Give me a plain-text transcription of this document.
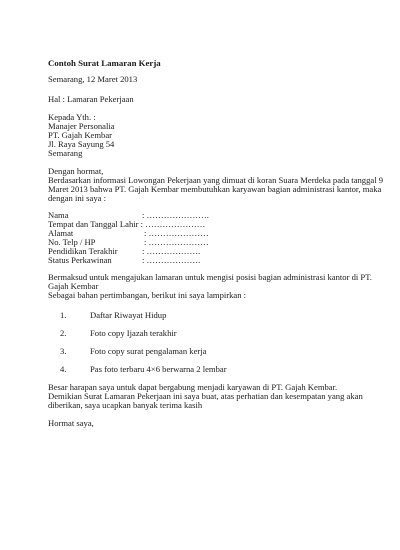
Contoh Surat Lamaran Kerja
Semarang, 12 Maret 2013
Hal : Lamaran Pekerjaan
Kepada Yth. :
Manajer Personalia
PT. Gajah Kembar
Jl. Raya Sayung 54
Semarang
Dengan hormat,
Berdasarkan informasi Lowongan Pekerjaan yang dimuat di koran Suara Merdeka pada tanggal 9
Maret 2013 bahwa PT. Gajah Kembar membutuhkan karyawan bagian administrasi kantor, maka
dengan ini saya :
Nama	: ………………….
Tempat dan Tanggal Lahir : …………………
Alamat	: …………………
No. Telp / HP	: …………………
Pendidikan Terakhir	: ……………….
Status Perkawinan	: ……………….
Bermaksud untuk mengajukan lamaran untuk mengisi posisi bagian administrasi kantor di PT.
Gajah Kembar
Sebagai bahan pertimbangan, berikut ini saya lampirkan :
1.	Daftar Riwayat Hidup
2.	Foto copy Ijazah terakhir
3.	Foto copy surat pengalaman kerja
4.	Pas foto terbaru 4×6 berwarna 2 lembar
Besar harapan saya untuk dapat bergabung menjadi karyawan di PT. Gajah Kembar.
Demikian Surat Lamaran Pekerjaan ini saya buat, atas perhatian dan kesempatan yang akan
diberikan, saya ucapkan banyak terima kasih
Hormat saya,
